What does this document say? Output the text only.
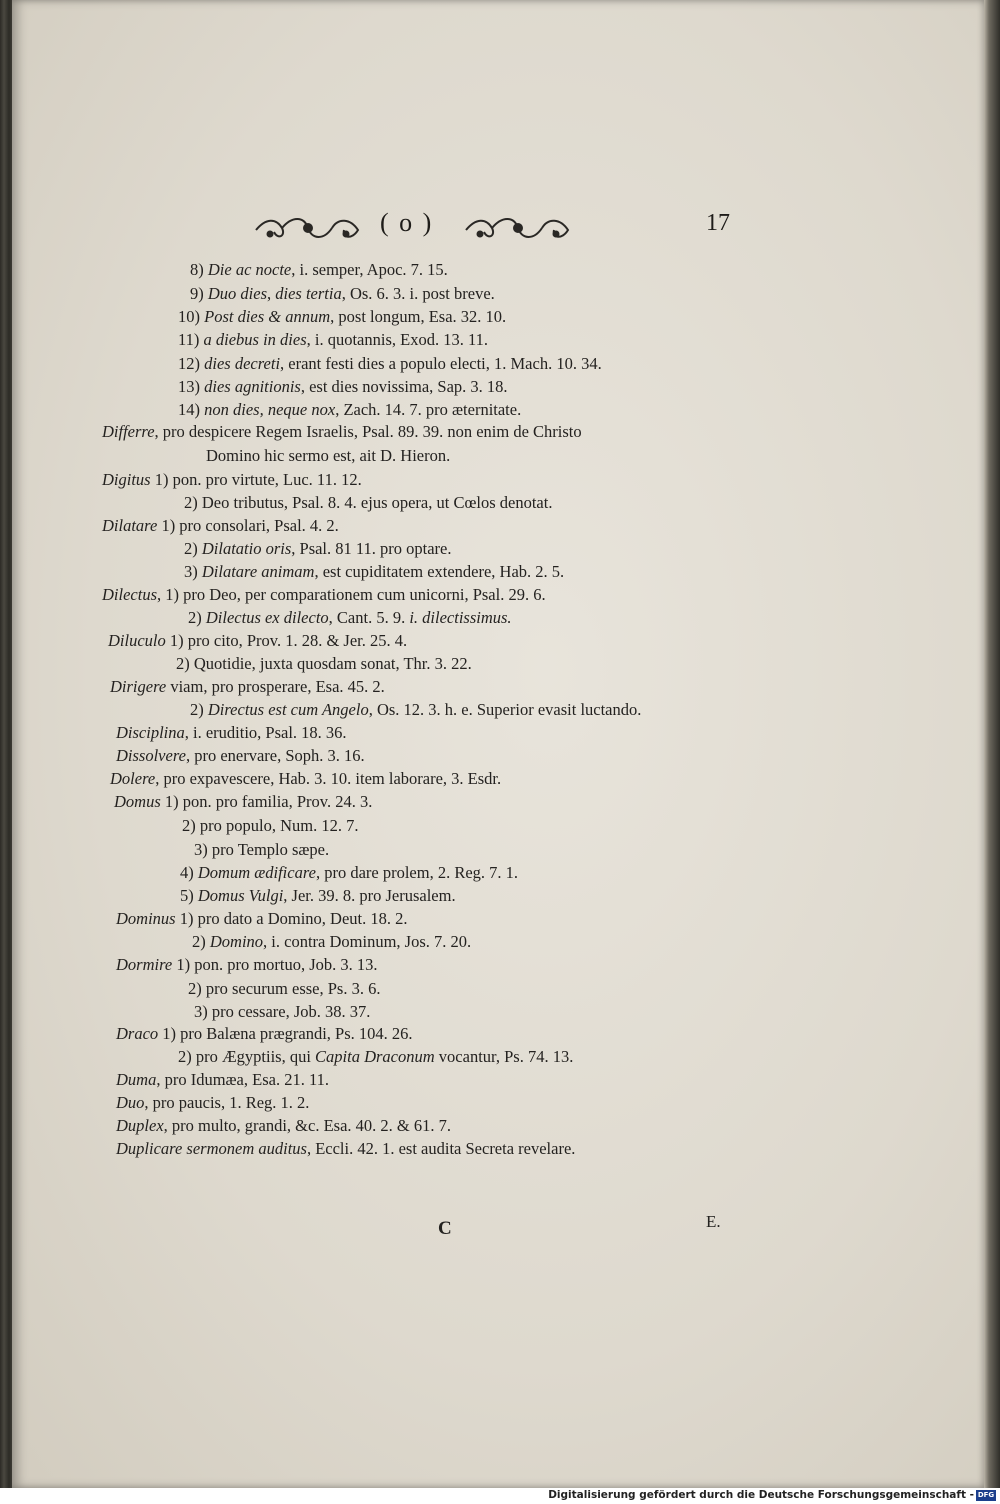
( o )	17
8) Die ac nocte, i. semper, Apoc. 7. 15.
9) Duo dies, dies tertia, Os. 6. 3. i. post breve.
10) Post dies & annum, post longum, Esa. 32. 10.
11) a diebus in dies, i. quotannis, Exod. 13. 11.
12) dies decreti, erant festi dies a populo electi, 1. Mach. 10. 34.
13) dies agnitionis, est dies novissima, Sap. 3. 18.
14) non dies, neque nox, Zach. 14. 7. pro æternitate.
Differre, pro despicere Regem Israelis, Psal. 89. 39. non enim de Christo
Domino hic sermo est, ait D. Hieron.
Digitus 1) pon. pro virtute, Luc. 11. 12.
2) Deo tributus, Psal. 8. 4. ejus opera, ut Cœlos denotat.
Dilatare 1) pro consolari, Psal. 4. 2.
2) Dilatatio oris, Psal. 81 11. pro optare.
3) Dilatare animam, est cupiditatem extendere, Hab. 2. 5.
Dilectus, 1) pro Deo, per comparationem cum unicorni, Psal. 29. 6.
2) Dilectus ex dilecto, Cant. 5. 9. i. dilectissimus.
Diluculo 1) pro cito, Prov. 1. 28. & Jer. 25. 4.
2) Quotidie, juxta quosdam sonat, Thr. 3. 22.
Dirigere viam, pro prosperare, Esa. 45. 2.
2) Directus est cum Angelo, Os. 12. 3. h. e. Superior evasit luctando.
Disciplina, i. eruditio, Psal. 18. 36.
Dissolvere, pro enervare, Soph. 3. 16.
Dolere, pro expavescere, Hab. 3. 10. item laborare, 3. Esdr.
Domus 1) pon. pro familia, Prov. 24. 3.
2) pro populo, Num. 12. 7.
3) pro Templo sæpe.
4) Domum ædificare, pro dare prolem, 2. Reg. 7. 1.
5) Domus Vulgi, Jer. 39. 8. pro Jerusalem.
Dominus 1) pro dato a Domino, Deut. 18. 2.
2) Domino, i. contra Dominum, Jos. 7. 20.
Dormire 1) pon. pro mortuo, Job. 3. 13.
2) pro securum esse, Ps. 3. 6.
3) pro cessare, Job. 38. 37.
Draco 1) pro Balæna prægrandi, Ps. 104. 26.
2) pro Ægyptiis, qui Capita Draconum vocantur, Ps. 74. 13.
Duma, pro Idumæa, Esa. 21. 11.
Duo, pro paucis, 1. Reg. 1. 2.
Duplex, pro multo, grandi, &c. Esa. 40. 2. & 61. 7.
Duplicare sermonem auditus, Eccli. 42. 1. est audita Secreta revelare.
C	E.
Digitalisierung gefördert durch die Deutsche Forschungsgemeinschaft - DFG
